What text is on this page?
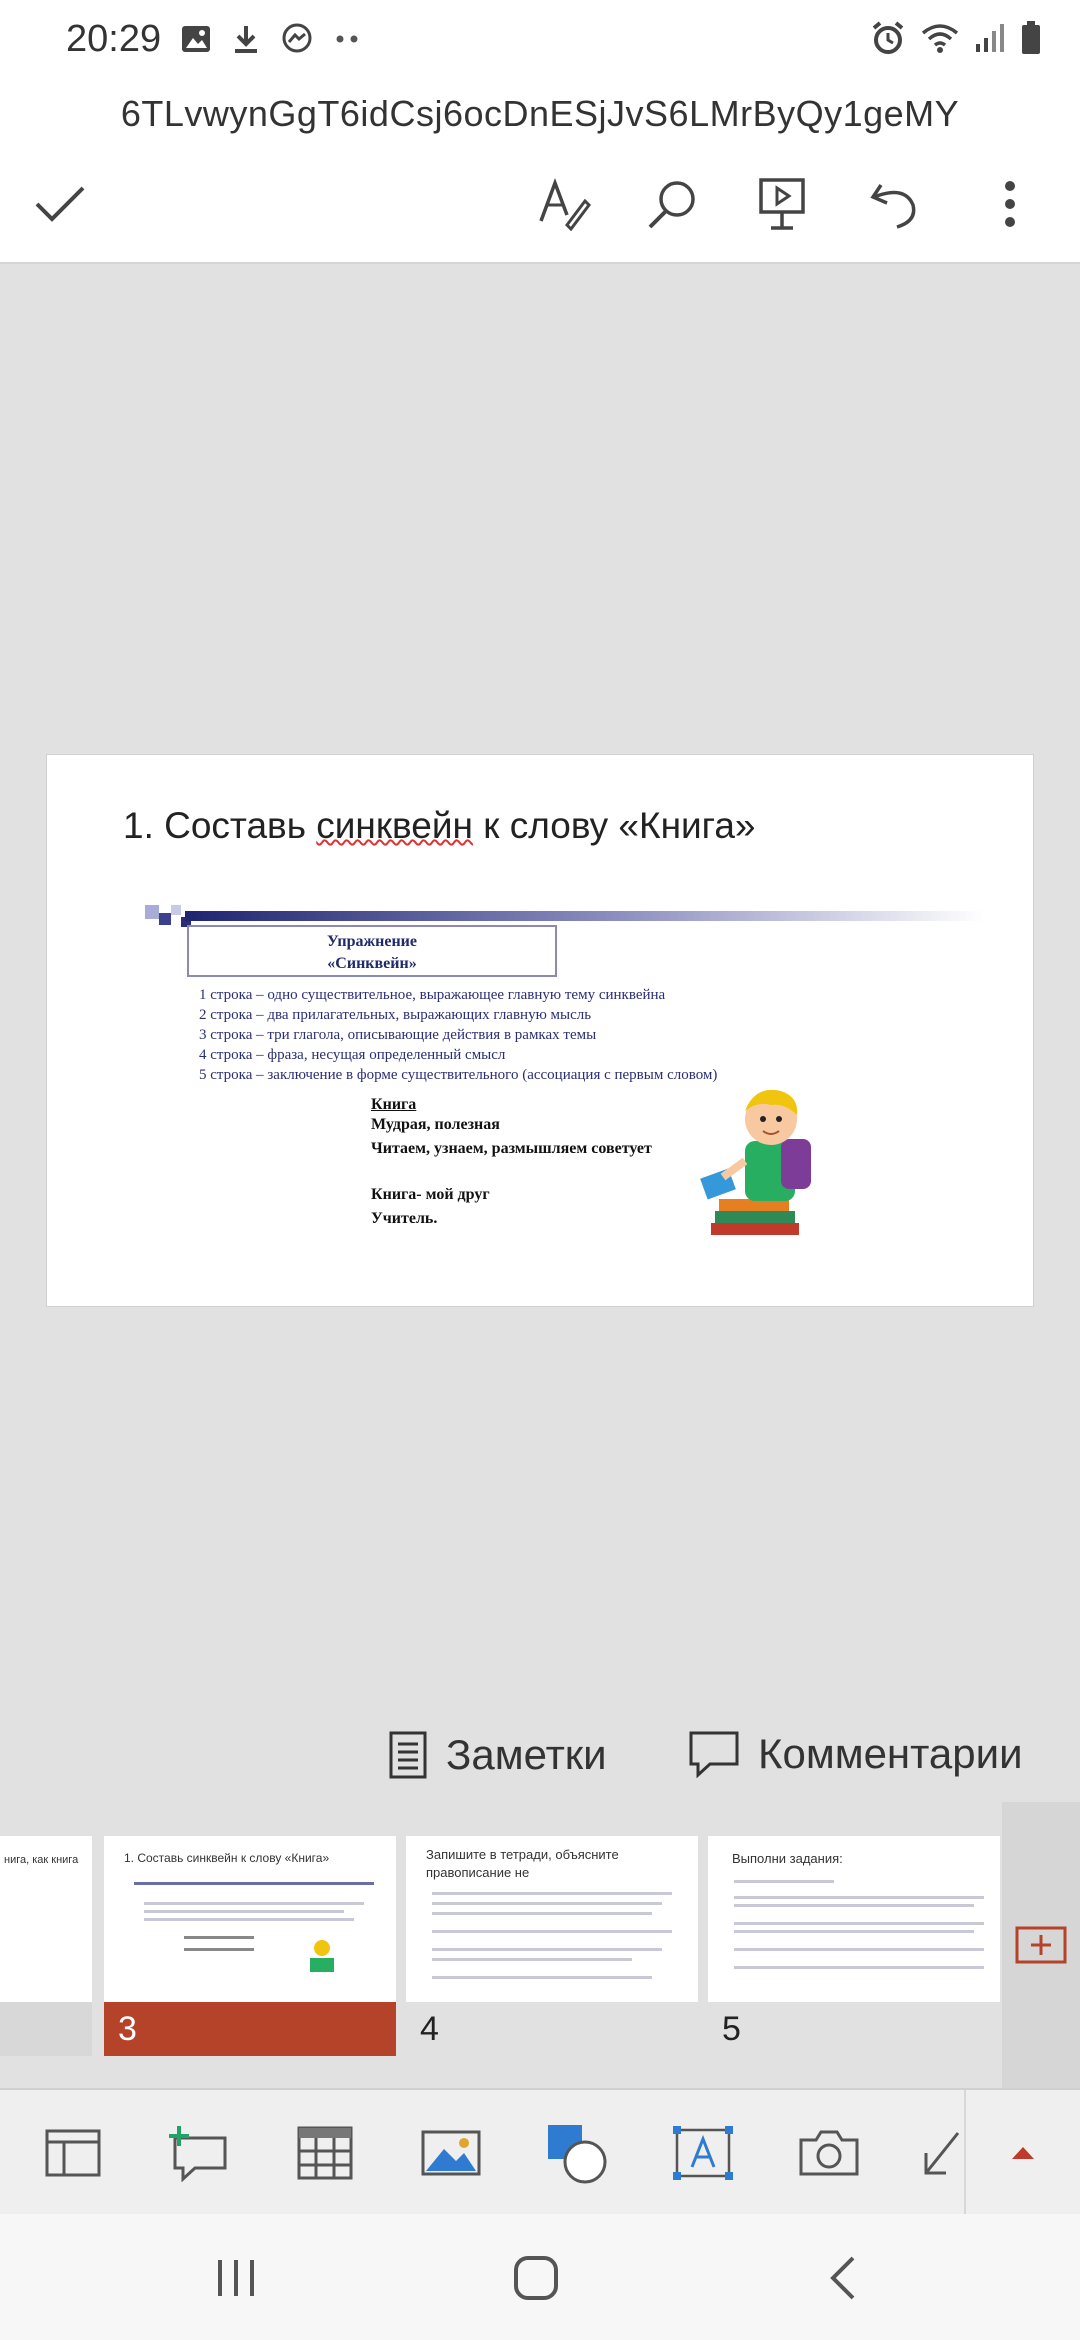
20:29
6TLvwynGgT6idCsj6ocDnESjJvS6LMrByQy1geMY
1. Составь синквейн к слову «Книга»
Упражнение
«Синквейн»
1 строка – одно существительное, выражающее главную тему синквейна
2 строка – два прилагательных, выражающих главную мысль
3 строка – три глагола, описывающие действия в рамках темы
4 строка – фраза, несущая определенный смысл
5 строка – заключение в форме существительного (ассоциация с первым словом)
Книга
Мудрая, полезная
Читаем, узнаем, размышляем советует
Книга- мой друг
Учитель.
Заметки	Комментарии
нига, как книга	1. Составь синквейн к слову «Книга»
3
Запишите в тетради, объясните правописание не
4
Выполни задания:
5
